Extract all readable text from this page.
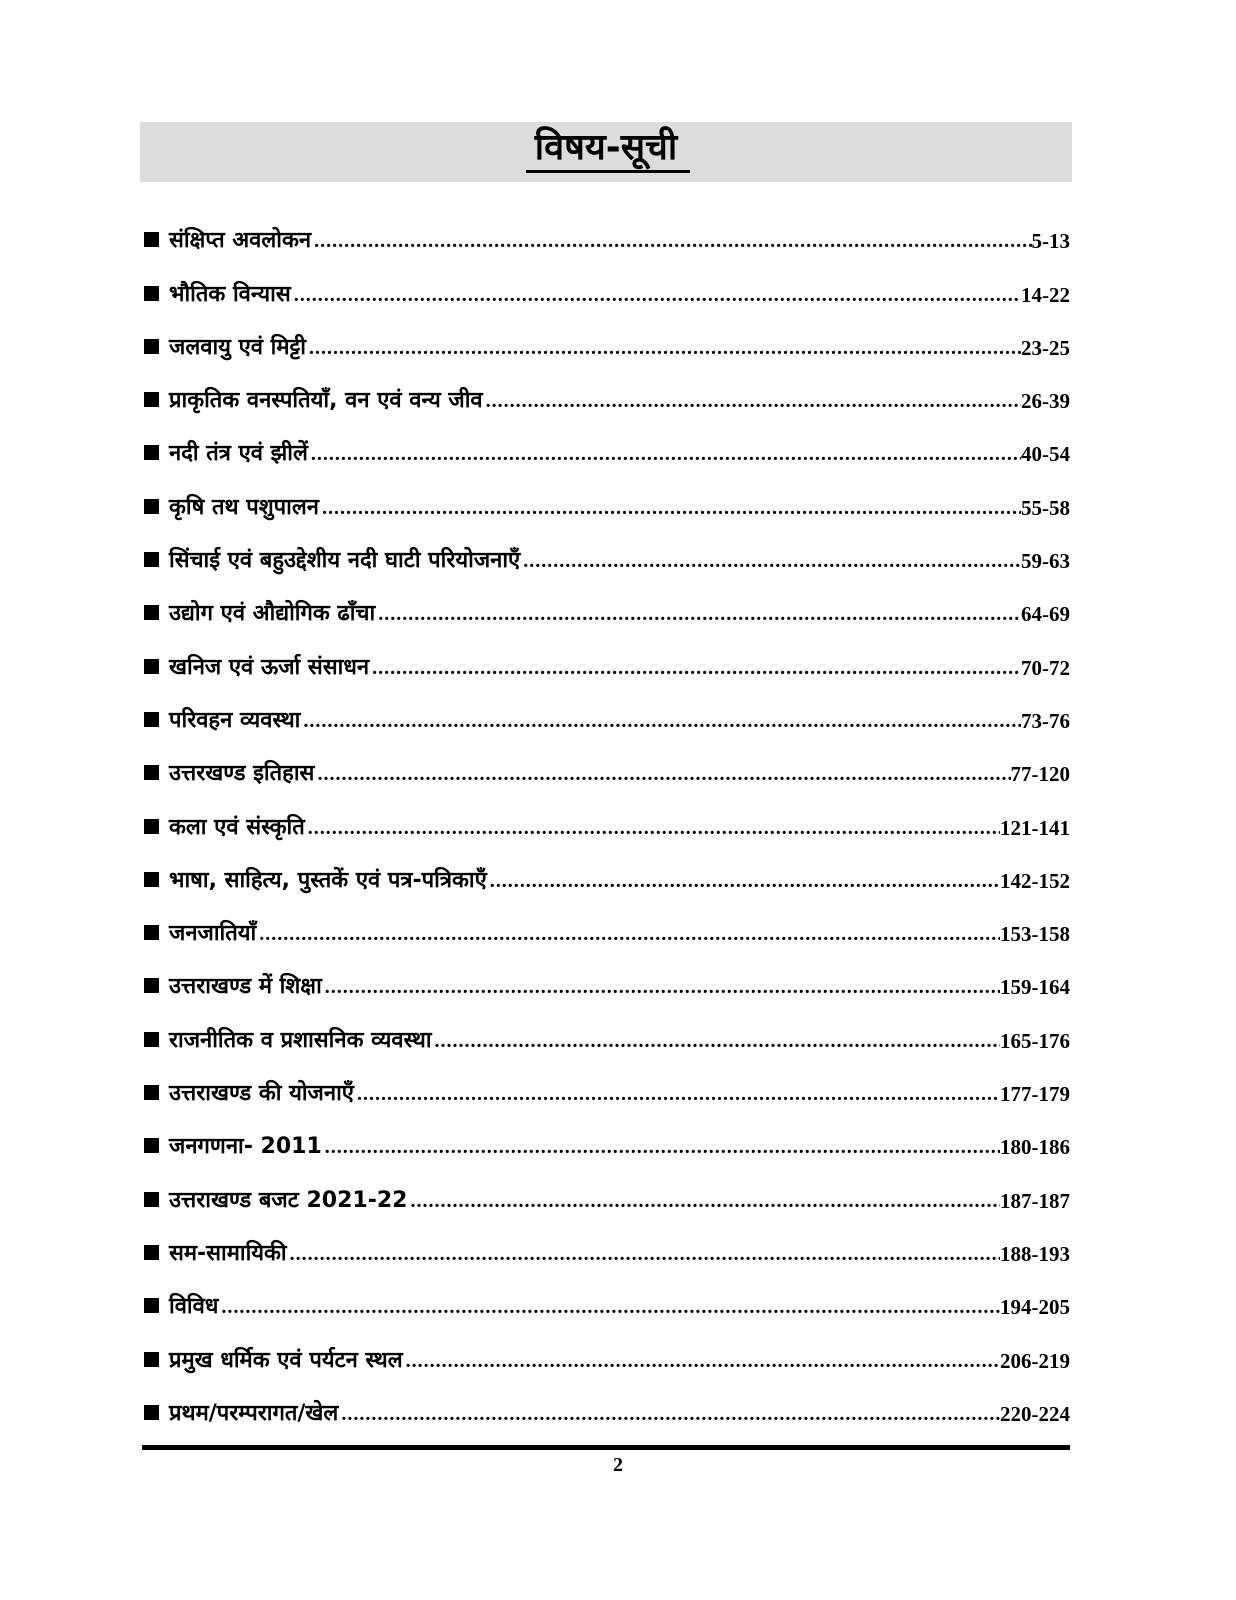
विषय-सूची
संक्षिप्त अवलोकन .....	5-13
भौतिक विन्यास .....	14-22
जलवायु एवं मिट्टी .....	23-25
प्राकृतिक वनस्पतियाँ, वन एवं वन्य जीव .....	26-39
नदी तंत्र एवं झीलें .....	40-54
कृषि तथ पशुपालन .....	55-58
सिंचाई एवं बहुउद्देशीय नदी घाटी परियोजनाएँ .....	59-63
उद्योग एवं औद्योगिक ढाँचा .....	64-69
खनिज एवं ऊर्जा संसाधन .....	70-72
परिवहन व्यवस्था .....	73-76
उत्तरखण्ड इतिहास .....	77-120
कला एवं संस्कृति .....	121-141
भाषा, साहित्य, पुस्तकें एवं पत्र-पत्रिकाएँ .....	142-152
जनजातियाँ .....	153-158
उत्तराखण्ड में शिक्षा .....	159-164
राजनीतिक व प्रशासनिक व्यवस्था .....	165-176
उत्तराखण्ड की योजनाएँ .....	177-179
जनगणना- 2011 .....	180-186
उत्तराखण्ड बजट 2021-22 .....	187-187
सम-सामायिकी .....	188-193
विविध .....	194-205
प्रमुख धर्मिक एवं पर्यटन स्थल .....	206-219
प्रथम/परम्परागत/खेल .....	220-224
2
